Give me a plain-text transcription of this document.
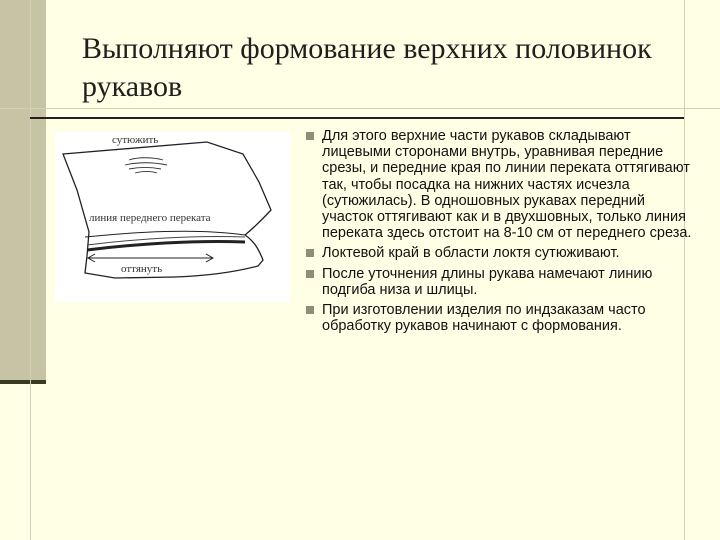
Выполняют формование верхних половинок рукавов
сутюжить
линия переднего переката
оттянуть
Для этого верхние части рукавов складывают лицевыми сторонами внутрь, уравнивая передние срезы, и передние края по линии переката оттягивают так, чтобы посадка на нижних частях исчезла (сутюжилась). В одношовных рукавах передний участок оттягивают как и в двухшовных, только линия переката здесь отстоит на 8-10 см от переднего среза.
Локтевой край в области локтя сутюживают.
После уточнения длины рукава намечают линию подгиба низа и шлицы.
При изготовлении изделия по индзаказам часто обработку рукавов начинают с формования.
